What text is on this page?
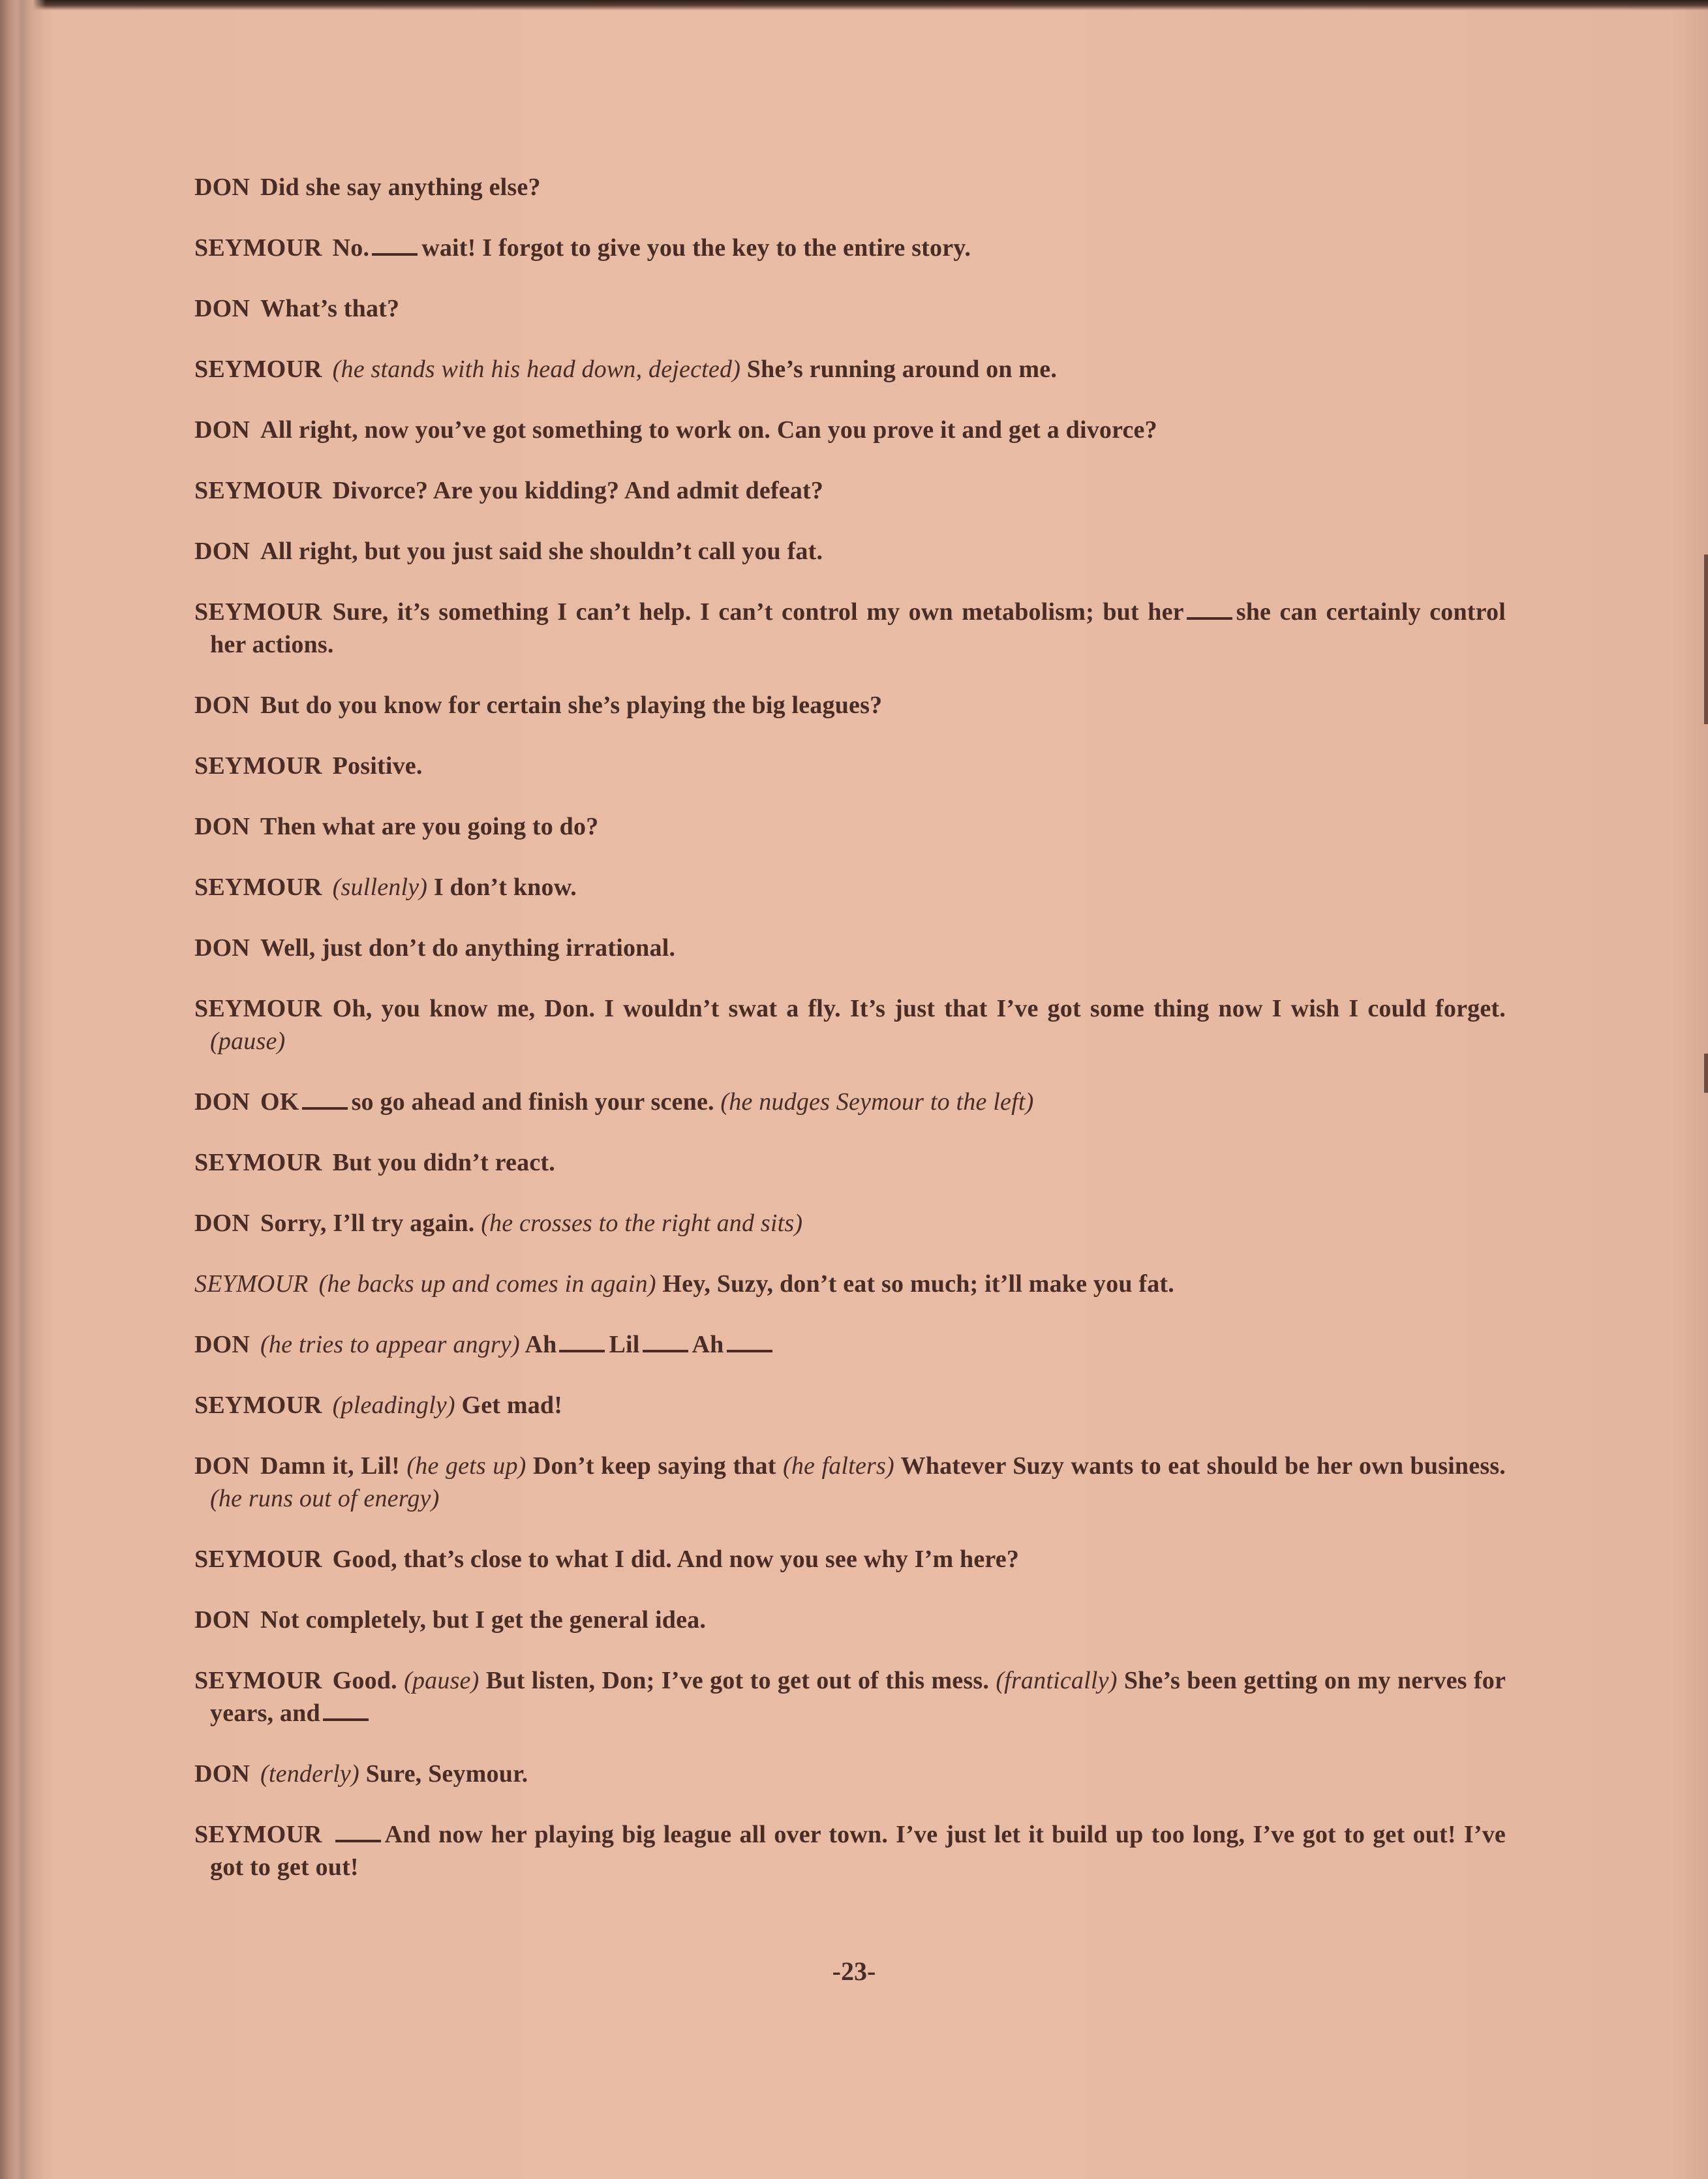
DON Did she say anything else?

SEYMOUR No. wait! I forgot to give you the key to the entire story.

DON What’s that?

SEYMOUR (he stands with his head down, dejected) She’s running around on me.

DON All right, now you’ve got something to work on. Can you prove it and get a divorce?

SEYMOUR Divorce? Are you kidding? And admit defeat?

DON All right, but you just said she shouldn’t call you fat.

SEYMOUR Sure, it’s something I can’t help. I can’t control my own metabolism; but her she can certainly control her actions.

DON But do you know for certain she’s playing the big leagues?

SEYMOUR Positive.

DON Then what are you going to do?

SEYMOUR (sullenly) I don’t know.

DON Well, just don’t do anything irrational.

SEYMOUR Oh, you know me, Don. I wouldn’t swat a fly. It’s just that I’ve got some thing now I wish I could forget. (pause)

DON OK so go ahead and finish your scene. (he nudges Seymour to the left)

SEYMOUR But you didn’t react.

DON Sorry, I’ll try again. (he crosses to the right and sits)

SEYMOUR (he backs up and comes in again) Hey, Suzy, don’t eat so much; it’ll make you fat.

DON (he tries to appear angry) Ah Lil Ah

SEYMOUR (pleadingly) Get mad!

DON Damn it, Lil! (he gets up) Don’t keep saying that (he falters) Whatever Suzy wants to eat should be her own business. (he runs out of energy)

SEYMOUR Good, that’s close to what I did. And now you see why I’m here?

DON Not completely, but I get the general idea.

SEYMOUR Good. (pause) But listen, Don; I’ve got to get out of this mess. (frantically) She’s been getting on my nerves for years, and

DON (tenderly) Sure, Seymour.

SEYMOUR	And now her playing big league all over town. I’ve just let it build up too long, I’ve got to get out! I’ve got to get out!

-23-
